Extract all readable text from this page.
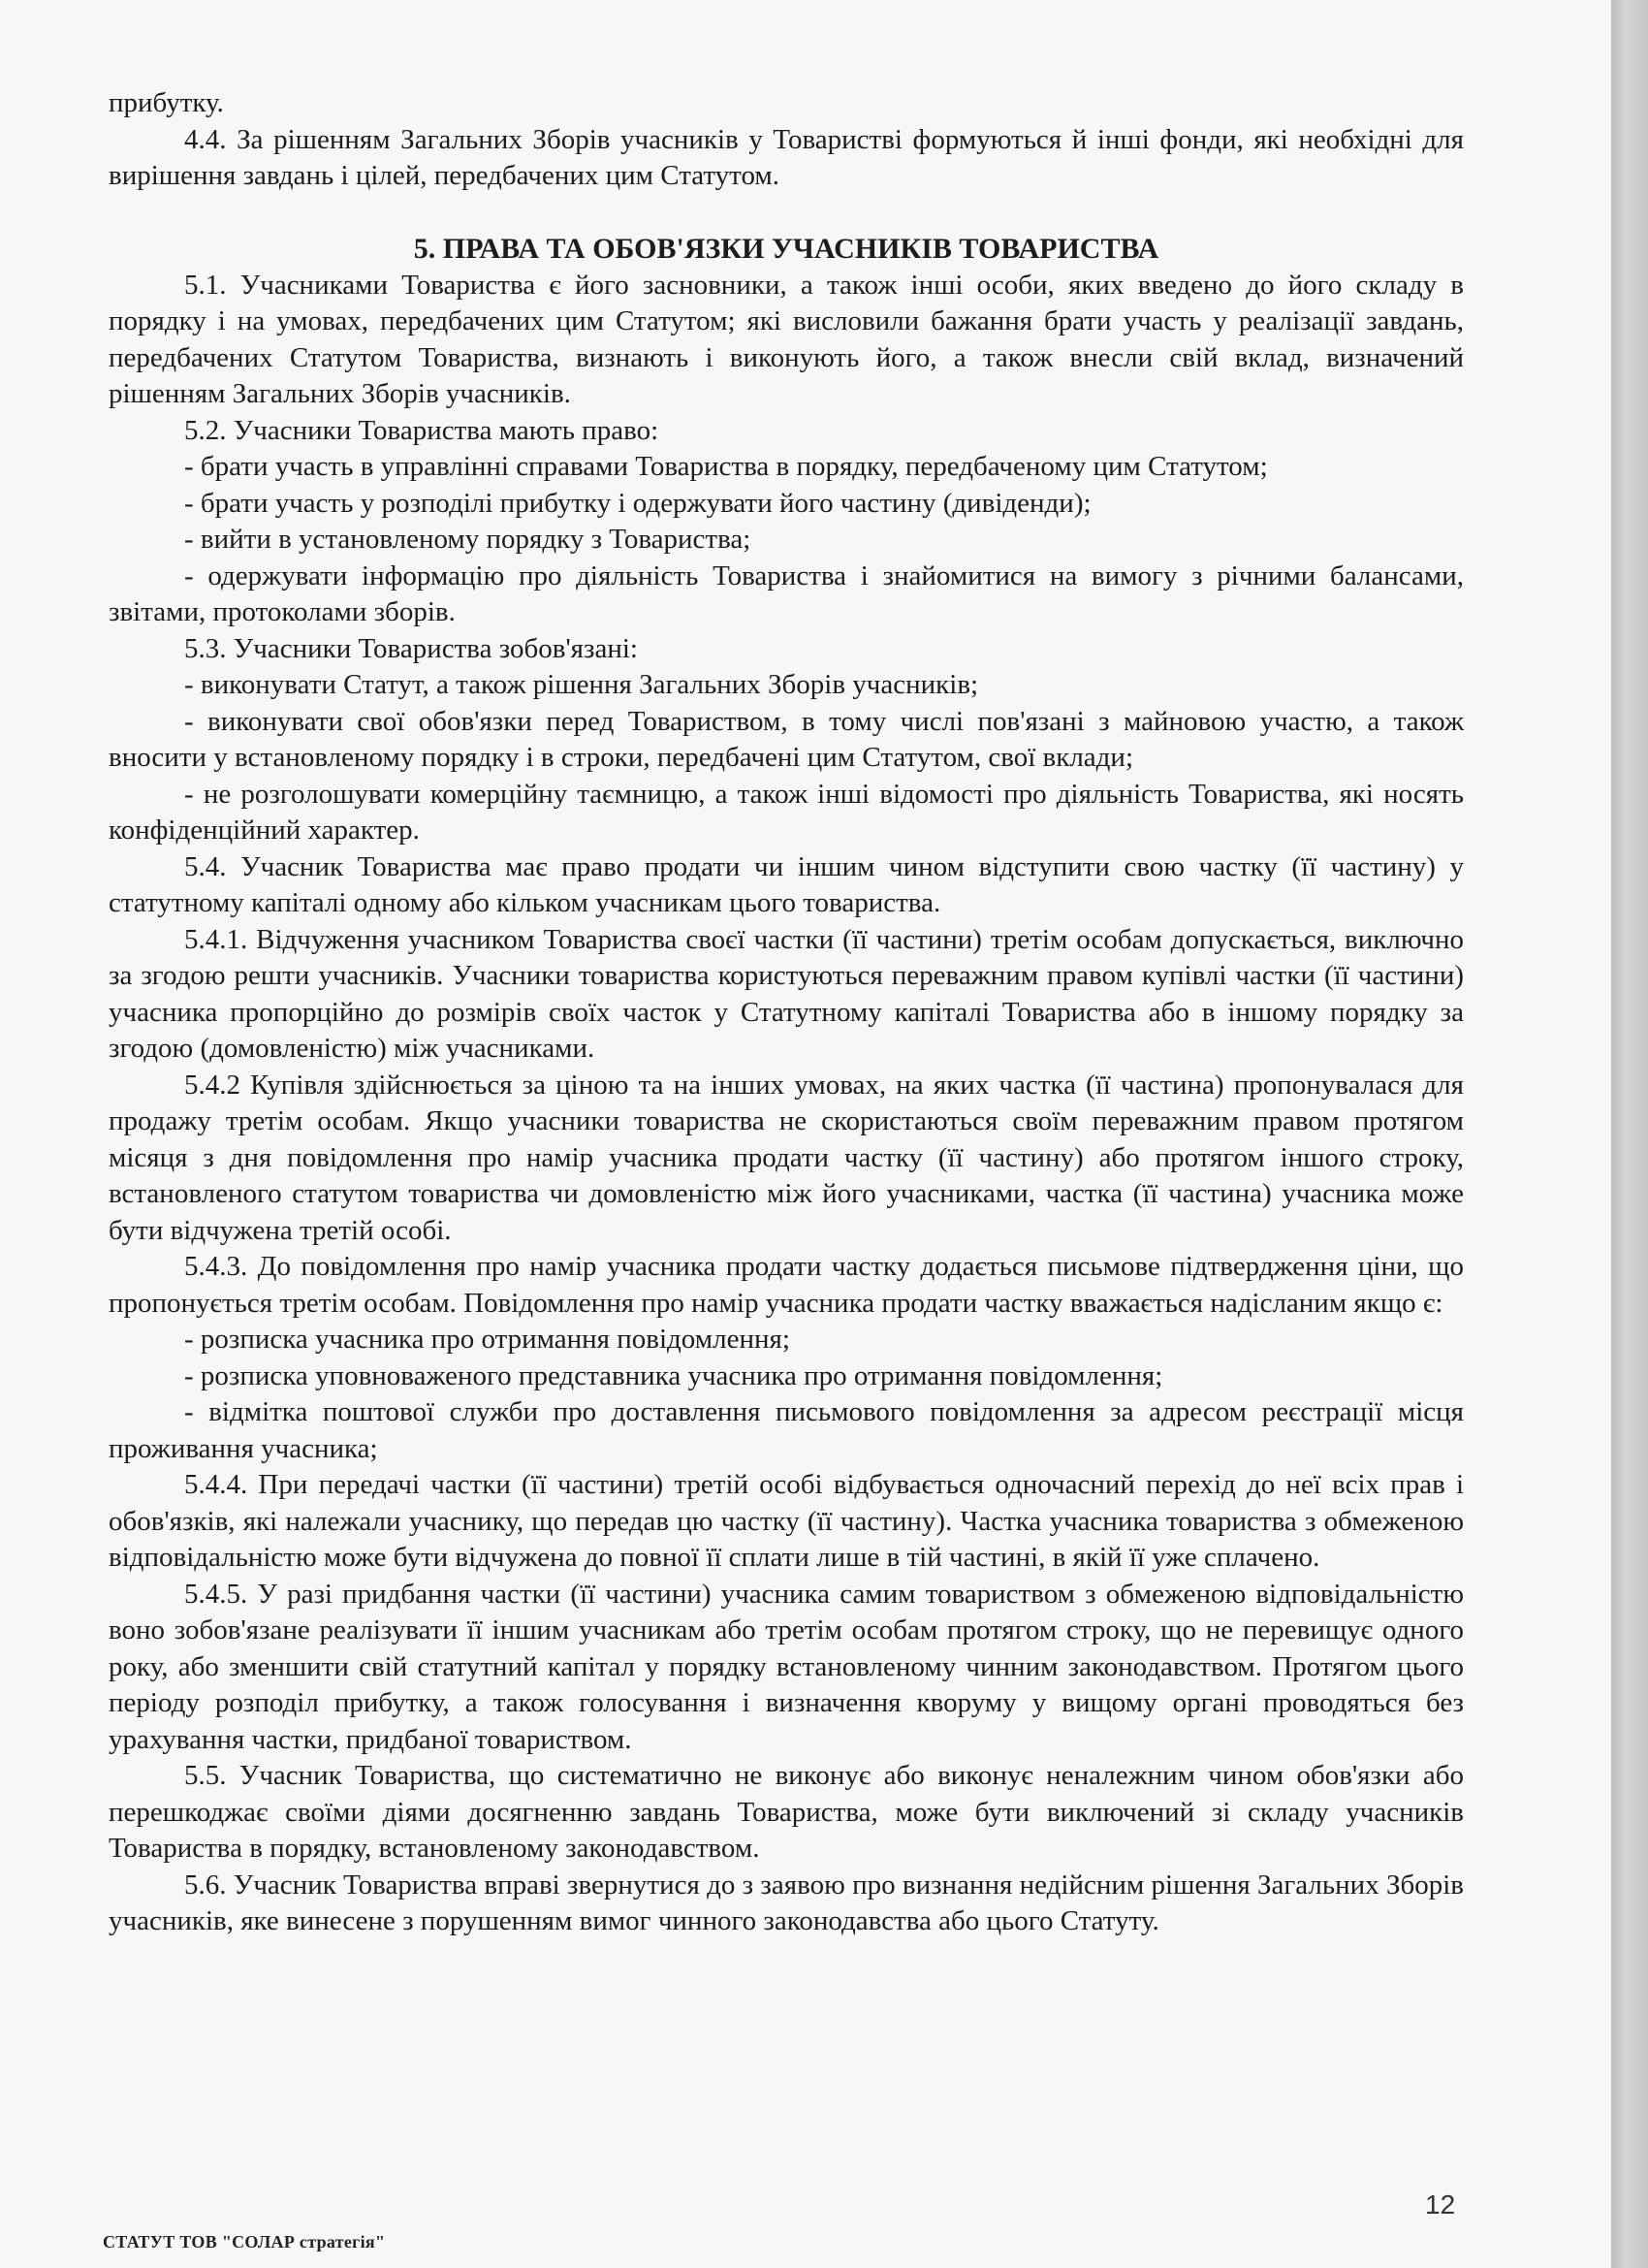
прибутку.

4.4. За рішенням Загальних Зборів учасників у Товаристві формуються й інші фонди, які необхідні для вирішення завдань і цілей, передбачених цим Статутом.

5. ПРАВА ТА ОБОВ'ЯЗКИ УЧАСНИКІВ ТОВАРИСТВА

5.1. Учасниками Товариства є його засновники, а також інші особи, яких введено до його складу в порядку і на умовах, передбачених цим Статутом; які висловили бажання брати участь у реалізації завдань, передбачених Статутом Товариства, визнають і виконують його, а також внесли свій вклад, визначений рішенням Загальних Зборів учасників.

5.2. Учасники Товариства мають право:

- брати участь в управлінні справами Товариства в порядку, передбаченому цим Статутом;

- брати участь у розподілі прибутку і одержувати його частину (дивіденди);

- вийти в установленому порядку з Товариства;

- одержувати інформацію про діяльність Товариства і знайомитися на вимогу з річними балансами, звітами, протоколами зборів.

5.3. Учасники Товариства зобов'язані:

- виконувати Статут, а також рішення Загальних Зборів учасників;

- виконувати свої обов'язки перед Товариством, в тому числі пов'язані з майновою участю, а також вносити у встановленому порядку і в строки, передбачені цим Статутом, свої вклади;

- не розголошувати комерційну таємницю, а також інші відомості про діяльність Товариства, які носять конфіденційний характер.

5.4. Учасник Товариства має право продати чи іншим чином відступити свою частку (її частину) у статутному капіталі одному або кільком учасникам цього товариства.

5.4.1. Відчуження учасником Товариства своєї частки (її частини) третім особам допускається, виключно за згодою решти учасників. Учасники товариства користуються переважним правом купівлі частки (її частини) учасника пропорційно до розмірів своїх часток у Статутному капіталі Товариства або в іншому порядку за згодою (домовленістю) між учасниками.

5.4.2 Купівля здійснюється за ціною та на інших умовах, на яких частка (її частина) пропонувалася для продажу третім особам. Якщо учасники товариства не скористаються своїм переважним правом протягом місяця з дня повідомлення про намір учасника продати частку (її частину) або протягом іншого строку, встановленого статутом товариства чи домовленістю між його учасниками, частка (її частина) учасника може бути відчужена третій особі.

5.4.3. До повідомлення про намір учасника продати частку додається письмове підтвердження ціни, що пропонується третім особам. Повідомлення про намір учасника продати частку вважається надісланим якщо є:

- розписка учасника про отримання повідомлення;

- розписка уповноваженого представника учасника про отримання повідомлення;

- відмітка поштової служби про доставлення письмового повідомлення за адресом реєстрації місця проживання учасника;

5.4.4. При передачі частки (її частини) третій особі відбувається одночасний перехід до неї всіх прав і обов'язків, які належали учаснику, що передав цю частку (її частину). Частка учасника товариства з обмеженою відповідальністю може бути відчужена до повної її сплати лише в тій частині, в якій її уже сплачено.

5.4.5. У разі придбання частки (її частини) учасника самим товариством з обмеженою відповідальністю воно зобов'язане реалізувати її іншим учасникам або третім особам протягом строку, що не перевищує одного року, або зменшити свій статутний капітал у порядку встановленому чинним законодавством. Протягом цього періоду розподіл прибутку, а також голосування і визначення кворуму у вищому органі проводяться без урахування частки, придбаної товариством.

5.5. Учасник Товариства, що систематично не виконує або виконує неналежним чином обов'язки або перешкоджає своїми діями досягненню завдань Товариства, може бути виключений зі складу учасників Товариства в порядку, встановленому законодавством.

5.6. Учасник Товариства вправі звернутися до з заявою про визнання недійсним рішення Загальних Зборів учасників, яке винесене з порушенням вимог чинного законодавства або цього Статуту.

12
СТАТУТ ТОВ "СОЛАР стратегія"
